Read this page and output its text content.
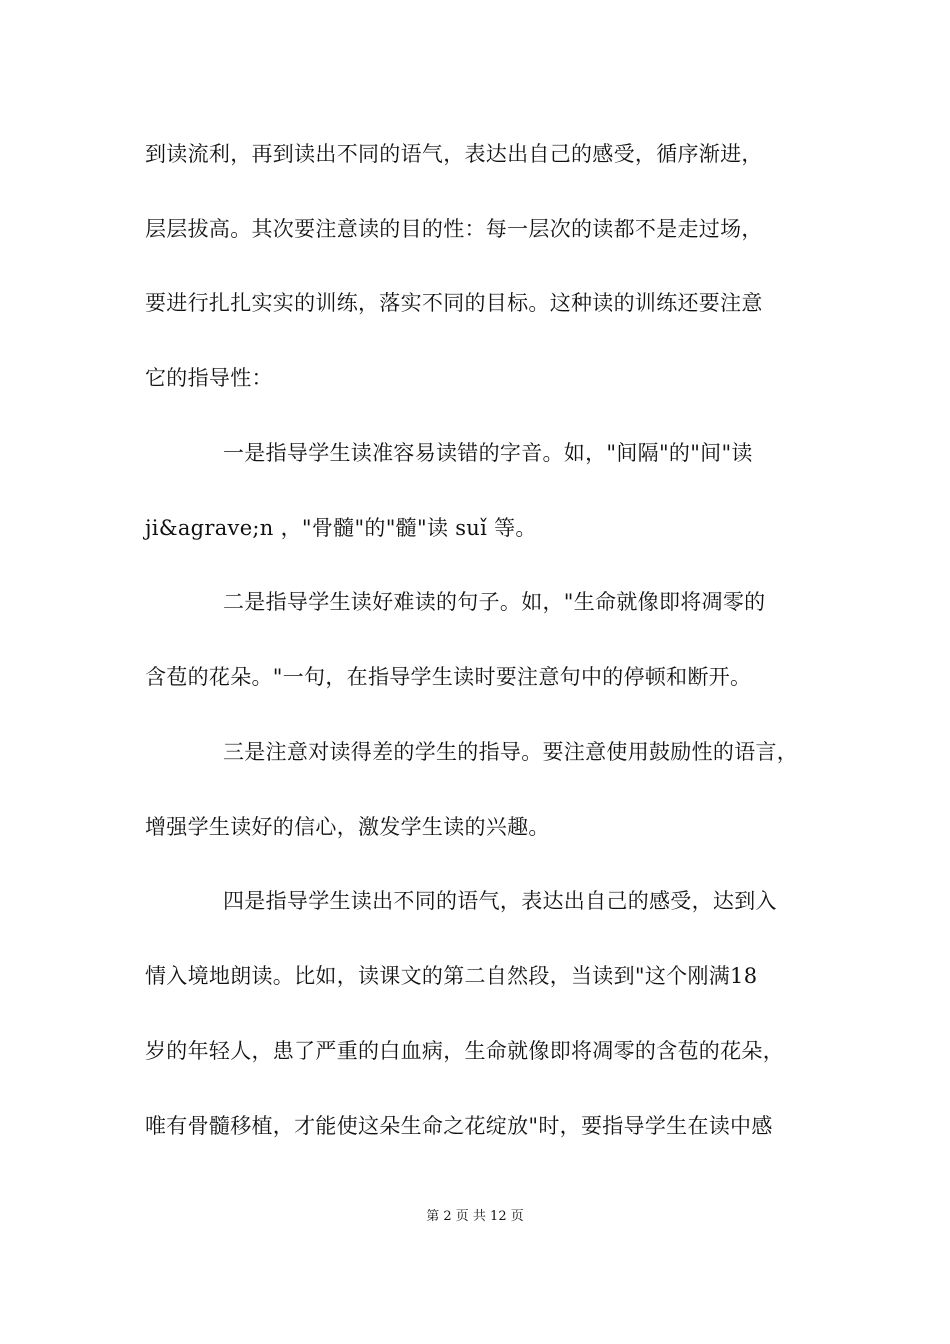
到读流利，再到读出不同的语气，表达出自己的感受，循序渐进，
层层拔高。其次要注意读的目的性：每一层次的读都不是走过场，
要进行扎扎实实的训练，落实不同的目标。这种读的训练还要注意
它的指导性：
一是指导学生读准容易读错的字音。如，"间隔"的"间"读
ji&agrave;n ，"骨髓"的"髓"读 suǐ 等。
二是指导学生读好难读的句子。如，"生命就像即将凋零的
含苞的花朵。"一句，在指导学生读时要注意句中的停顿和断开。
三是注意对读得差的学生的指导。要注意使用鼓励性的语言，
增强学生读好的信心，激发学生读的兴趣。
四是指导学生读出不同的语气，表达出自己的感受，达到入
情入境地朗读。比如，读课文的第二自然段，当读到"这个刚满18
岁的年轻人，患了严重的白血病，生命就像即将凋零的含苞的花朵，
唯有骨髓移植，才能使这朵生命之花绽放"时，要指导学生在读中感
第 2 页 共 12 页
